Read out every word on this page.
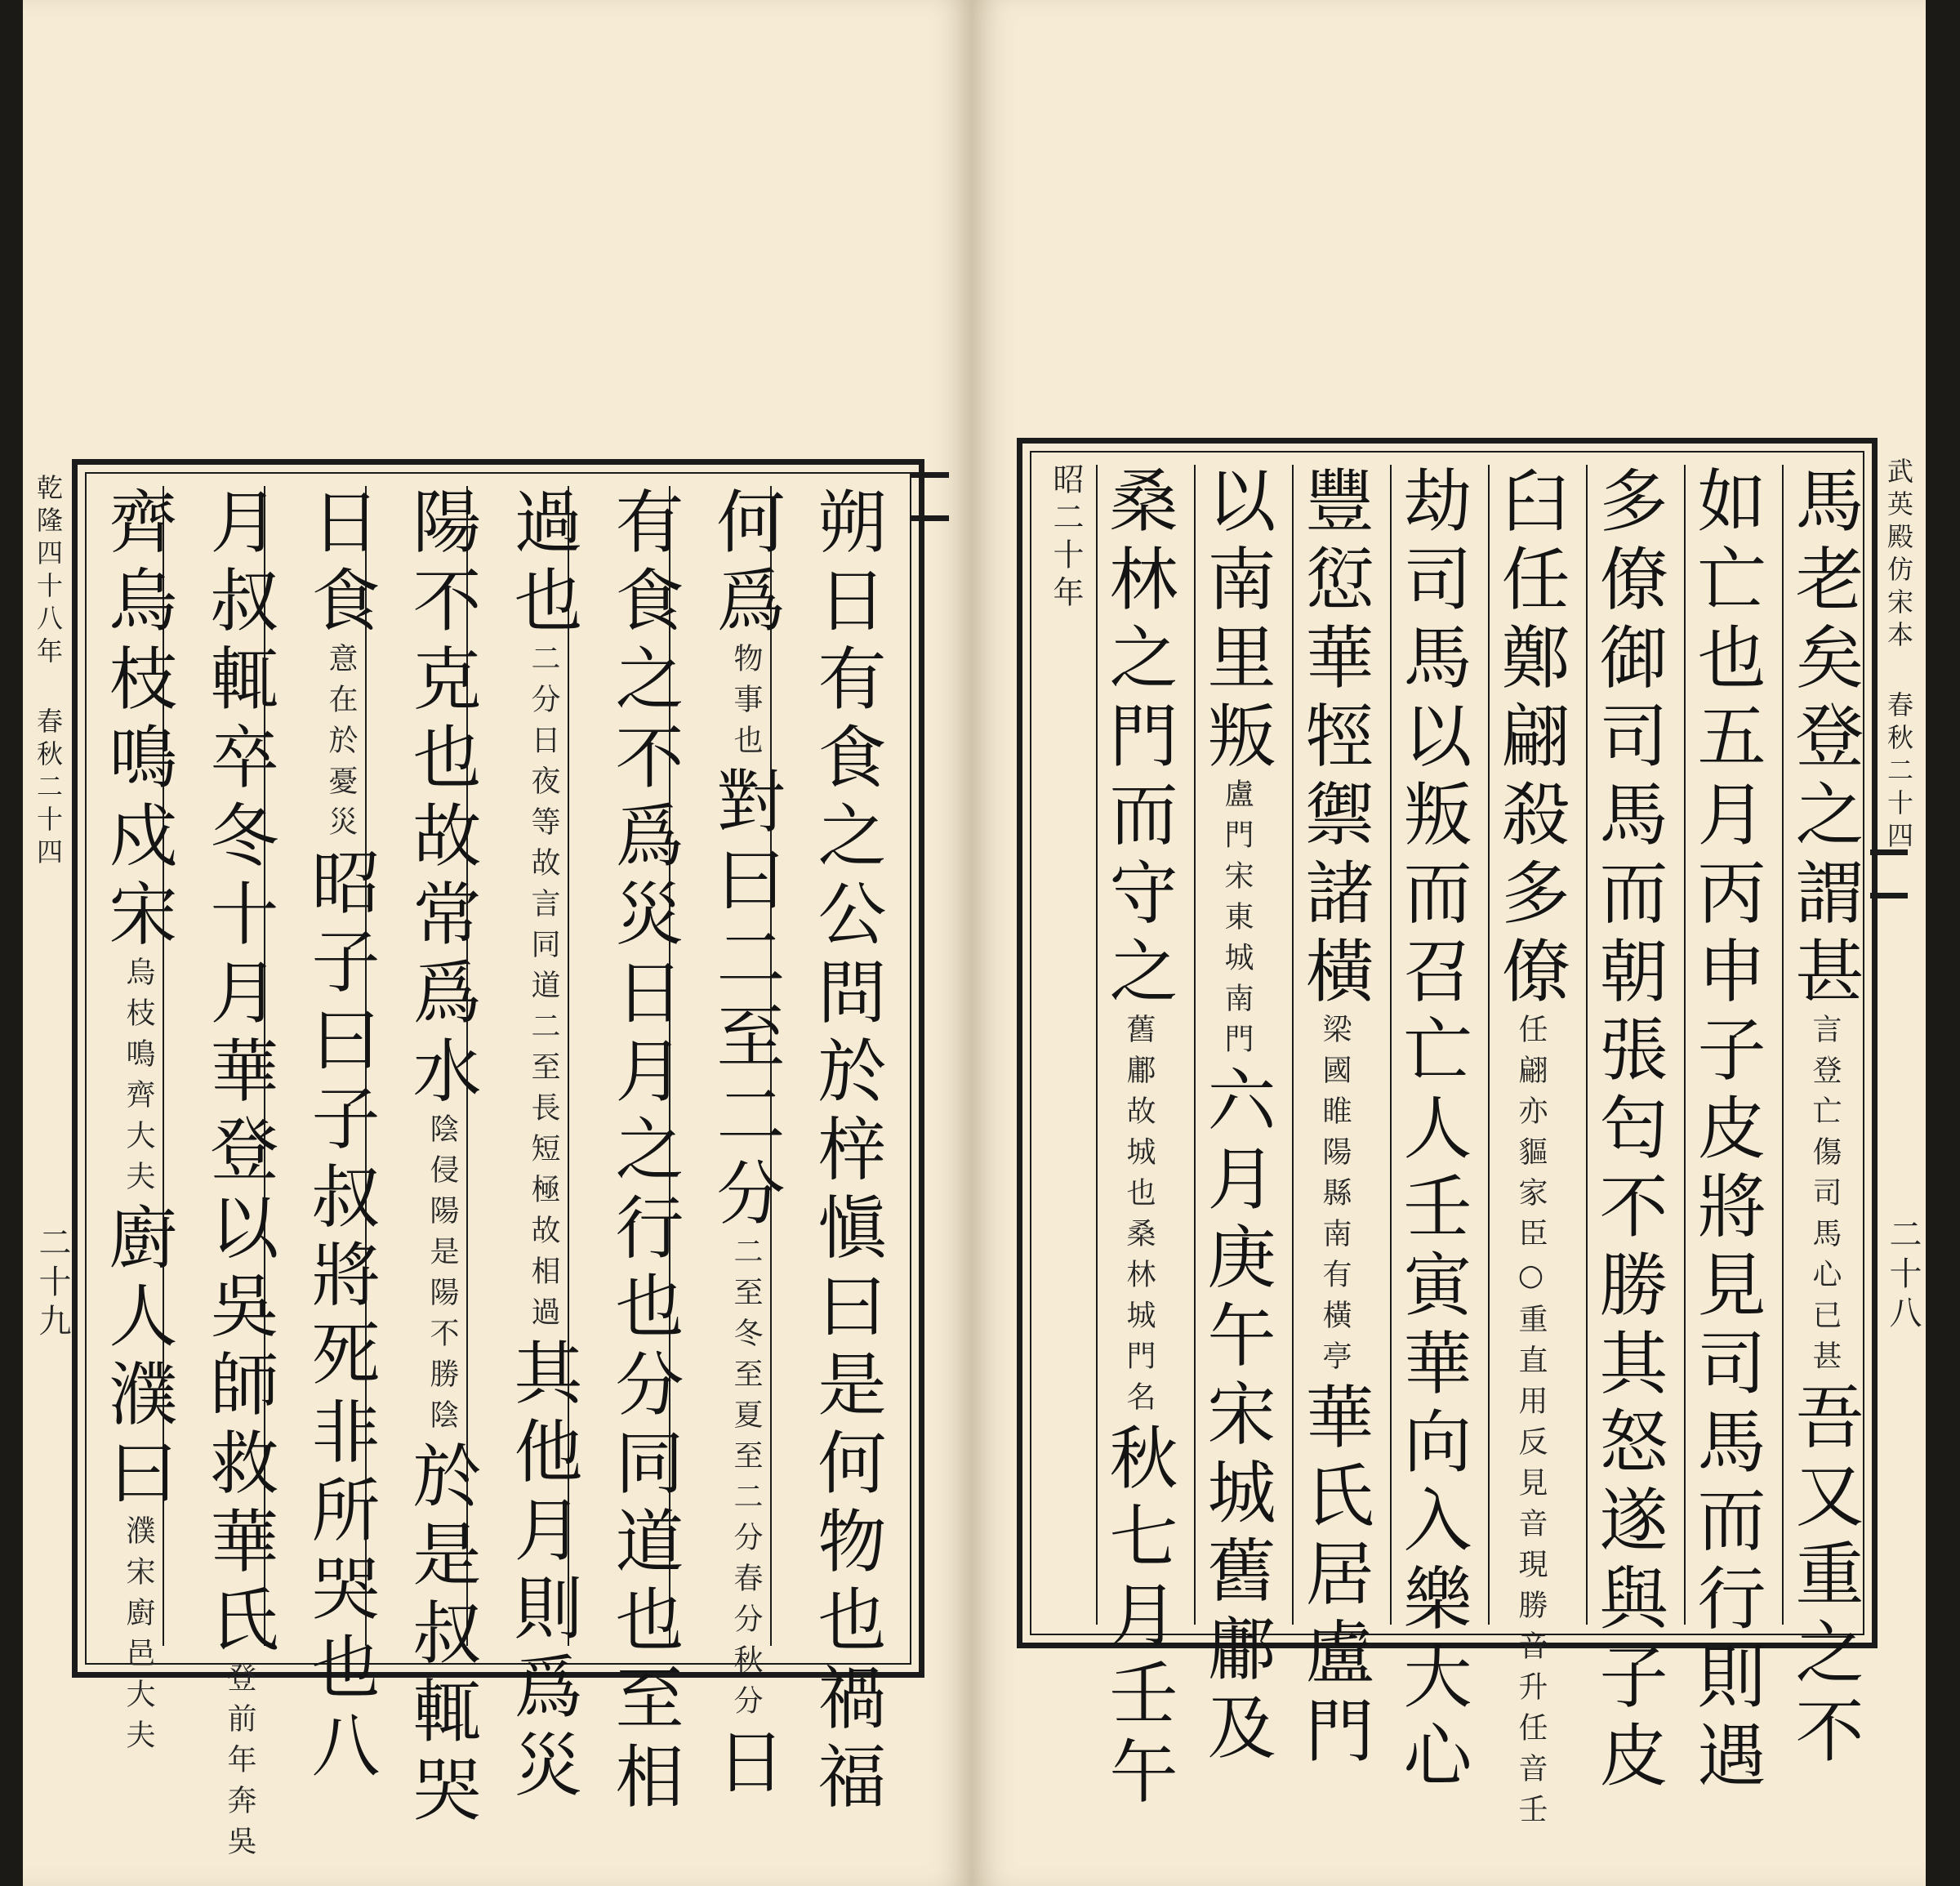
朔日有食之公問於梓愼曰是何物也禍福
何爲物事也對曰二至二分二至冬至夏至二分春分秋分日
有食之不爲災日月之行也分同道也至相
過也二分日夜等故言同道二至長短極故相過其他月則爲災
陽不克也故常爲水陰侵陽是陽不勝陰於是叔輒哭
日食意在於憂災昭子曰子叔將死非所哭也八
月叔輒卒冬十月華登以吳師救華氏登前年奔吳
齊烏枝鳴戍宋烏枝鳴齊大夫廚人濮曰濮宋廚邑大夫
乾隆四十八年 春秋二十四
二十九
昭二十年	馬老矣登之謂甚言登亡傷司馬心已甚吾又重之不
如亡也五月丙申子皮將見司馬而行則遇
多僚御司馬而朝張匄不勝其怒遂與子皮
臼任鄭翩殺多僚任翩亦貙家臣○重直用反見音現勝音升任音壬
劫司馬以叛而召亡人壬寅華向入樂大心
豐愆華牼禦諸橫梁國睢陽縣南有橫亭華氏居盧門
以南里叛盧門宋東城南門六月庚午宋城舊鄘及
桑林之門而守之舊鄘故城也桑林城門名秋七月壬午
武英殿仿宋本 春秋二十四
二十八
